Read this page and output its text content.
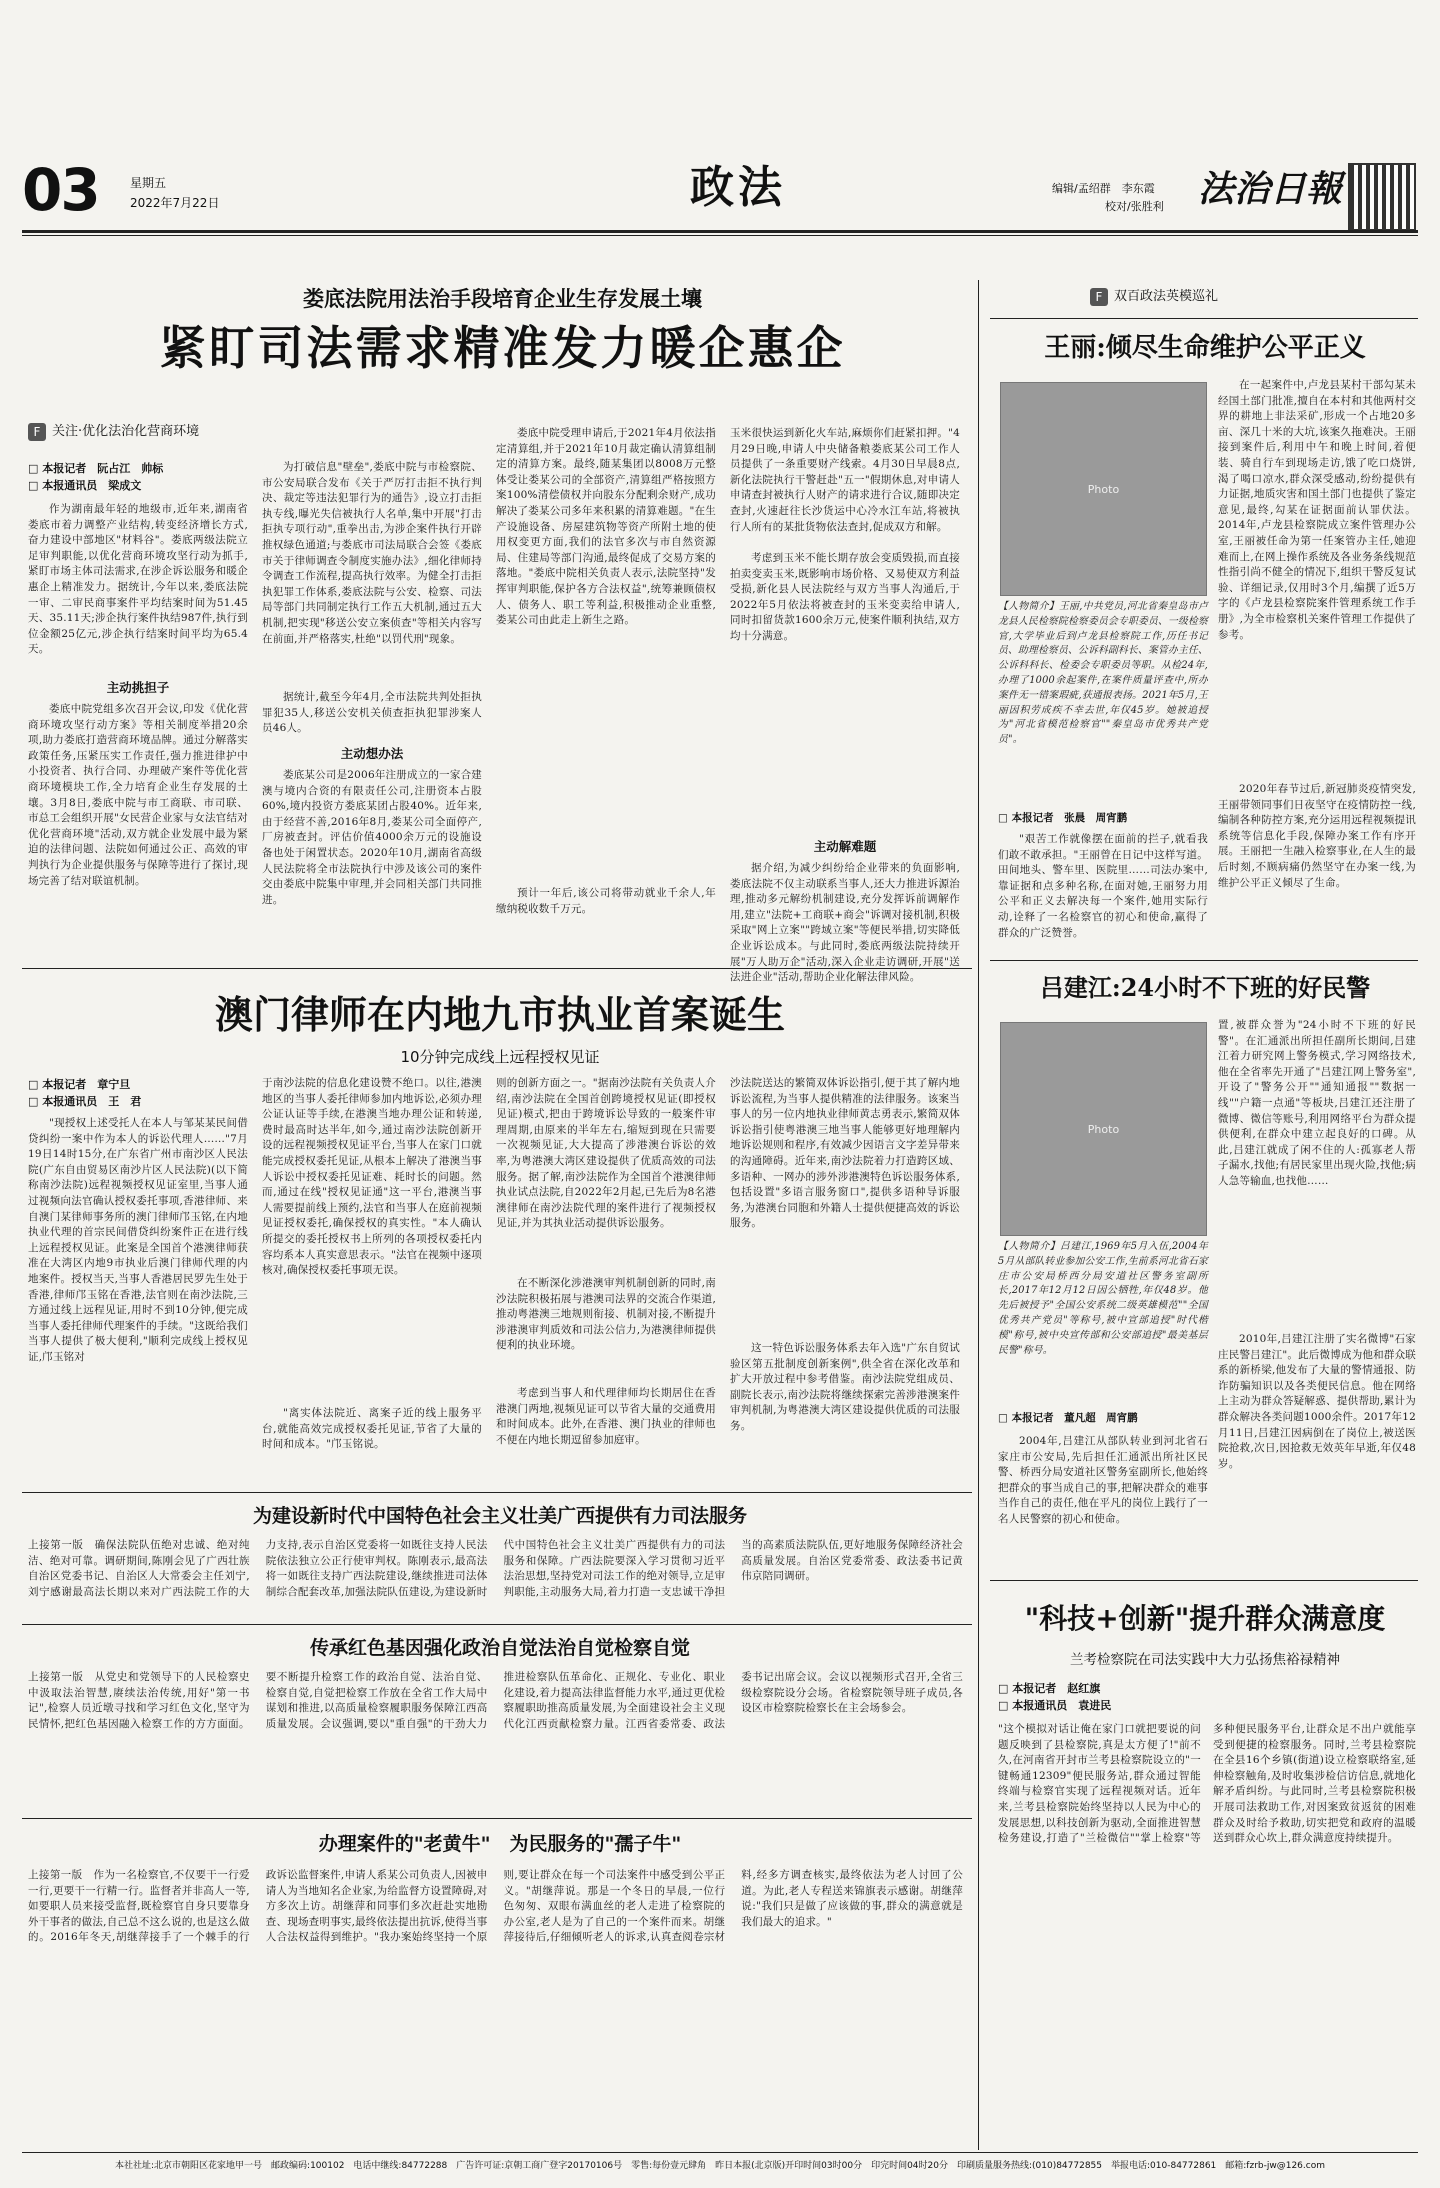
03	星期五
2022年7月22日	政法	编辑/孟绍群　李东霞
校对/张胜利 法治日報
娄底法院用法治手段培育企业生存发展土壤
紧盯司法需求精准发力暖企惠企
F 关注·优化法治化营商环境
□ 本报记者　阮占江　帅标
□ 本报通讯员　梁成文
作为湖南最年轻的地级市,近年来,湖南省娄底市着力调整产业结构,转变经济增长方式,奋力建设中部地区"材料谷"。娄底两级法院立足审判职能,以优化营商环境攻坚行动为抓手,紧盯市场主体司法需求,在涉企诉讼服务和暖企惠企上精准发力。据统计,今年以来,娄底法院一审、二审民商事案件平均结案时间为51.45天、35.11天;涉企执行案件执结987件,执行到位金额25亿元,涉企执行结案时间平均为65.4天。
主动挑担子
娄底中院党组多次召开会议,印发《优化营商环境攻坚行动方案》等相关制度举措20余项,助力娄底打造营商环境品牌。通过分解落实政策任务,压紧压实工作责任,强力推进律护中小投资者、执行合同、办理破产案件等优化营商环境模块工作,全力培育企业生存发展的土壤。3月8日,娄底中院与市工商联、市司联、市总工会组织开展"女民营企业家与女法官结对优化营商环境"活动,双方就企业发展中最为紧迫的法律问题、法院如何通过公正、高效的审判执行为企业提供服务与保障等进行了探讨,现场完善了结对联谊机制。
为打破信息"壁垒",娄底中院与市检察院、市公安局联合发布《关于严厉打击拒不执行判决、裁定等违法犯罪行为的通告》,设立打击拒执专线,曝光失信被执行人名单,集中开展"打击拒执专项行动",重拳出击,为涉企案件执行开辟推权绿色通道;与娄底市司法局联合会签《娄底市关于律师调查令制度实施办法》,细化律师持令调查工作流程,提高执行效率。为健全打击拒执犯罪工作体系,娄底法院与公安、检察、司法局等部门共同制定执行工作五大机制,通过五大机制,把实现"移送公安立案侦查"等相关内容写在前面,并严格落实,杜绝"以罚代刑"现象。
据统计,截至今年4月,全市法院共判处拒执罪犯35人,移送公安机关侦查拒执犯罪涉案人员46人。
主动想办法
娄底某公司是2006年注册成立的一家合建澳与境内合资的有限责任公司,注册资本占股60%,境内投资方娄底某团占股40%。近年来,由于经营不善,2016年8月,娄某公司全面停产,厂房被查封。评估价值4000余万元的设施设备也处于闲置状态。2020年10月,湖南省高级人民法院将全市法院执行中涉及该公司的案件交由娄底中院集中审理,并会同相关部门共同推进。
娄底中院受理申请后,于2021年4月依法指定清算组,并于2021年10月裁定确认清算组制定的清算方案。最终,随某集团以8008万元整体受让娄某公司的全部资产,清算组严格按照方案100%清偿债权并向股东分配剩余财产,成功解决了娄某公司多年来积累的清算难题。"在生产设施设备、房屋建筑物等资产所附土地的使用权变更方面,我们的法官多次与市自然资源局、住建局等部门沟通,最终促成了交易方案的落地。"娄底中院相关负责人表示,法院坚持"发挥审判职能,保护各方合法权益",统筹兼顾债权人、债务人、职工等利益,积极推动企业重整,娄某公司由此走上新生之路。
预计一年后,该公司将带动就业千余人,年缴纳税收数千万元。
玉米很快运到新化火车站,麻烦你们赶紧扣押。"4月29日晚,申请人中央储备粮娄底某公司工作人员提供了一条重要财产线索。4月30日早晨8点,新化法院执行干警赶赴"五一"假期休息,对申请人申请查封被执行人财产的请求进行合议,随即决定查封,火速赶往长沙货运中心冷水江车站,将被执行人所有的某批货物依法查封,促成双方和解。
考虑到玉米不能长期存放会变质毁损,而直接拍卖变卖玉米,既影响市场价格、又易使双方利益受损,新化县人民法院经与双方当事人沟通后,于2022年5月依法将被查封的玉米变卖给申请人,同时扣留货款1600余万元,使案件顺利执结,双方均十分满意。
主动解难题
据介绍,为减少纠纷给企业带来的负面影响,娄底法院不仅主动联系当事人,还大力推进诉源治理,推动多元解纷机制建设,充分发挥诉前调解作用,建立"法院+工商联+商会"诉调对接机制,积极采取"网上立案""跨域立案"等便民举措,切实降低企业诉讼成本。与此同时,娄底两级法院持续开展"万人助万企"活动,深入企业走访调研,开展"送法进企业"活动,帮助企业化解法律风险。
澳门律师在内地九市执业首案诞生
10分钟完成线上远程授权见证
□ 本报记者　章宁旦
□ 本报通讯员　王　君
"现授权上述受托人在本人与邹某某民间借贷纠纷一案中作为本人的诉讼代理人……"7月19日14时15分,在广东省广州市南沙区人民法院(广东自由贸易区南沙片区人民法院)(以下简称南沙法院)远程视频授权见证室里,当事人通过视频向法官确认授权委托事项,香港律师、来自澳门某律师事务所的澳门律师邝玉铭,在内地执业代理的首宗民间借贷纠纷案件正在进行线上远程授权见证。此案是全国首个港澳律师获准在大湾区内地9市执业后澳门律师代理的内地案件。授权当天,当事人香港居民罗先生处于香港,律师邝玉铭在香港,法官则在南沙法院,三方通过线上远程见证,用时不到10分钟,便完成当事人委托律师代理案件的手续。"这既给我们当事人提供了极大便利,"顺利完成线上授权见证,邝玉铭对
于南沙法院的信息化建设赞不绝口。以往,港澳地区的当事人委托律师参加内地诉讼,必须办理公证认证等手续,在港澳当地办理公证和转递,费时最高时达半年,如今,通过南沙法院创新开设的远程视频授权见证平台,当事人在家门口就能完成授权委托见证,从根本上解决了港澳当事人诉讼中授权委托见证难、耗时长的问题。然而,通过在线"授权见证通"这一平台,港澳当事人需要提前线上预约,法官和当事人在庭前视频见证授权委托,确保授权的真实性。"本人确认所提交的委托授权书上所列的各项授权委托内容均系本人真实意思表示。"法官在视频中逐项核对,确保授权委托事项无误。
"离实体法院近、离案子近的线上服务平台,就能高效完成授权委托见证,节省了大量的时间和成本。"邝玉铭说。
则的创新方面之一。"据南沙法院有关负责人介绍,南沙法院在全国首创跨境授权见证(即授权见证)模式,把由于跨境诉讼导致的一般案件审理周期,由原来的半年左右,缩短到现在只需要一次视频见证,大大提高了涉港澳台诉讼的效率,为粤港澳大湾区建设提供了优质高效的司法服务。据了解,南沙法院作为全国首个港澳律师执业试点法院,自2022年2月起,已先后为8名港澳律师在南沙法院代理的案件进行了视频授权见证,并为其执业活动提供诉讼服务。
在不断深化涉港澳审判机制创新的同时,南沙法院积极拓展与港澳司法界的交流合作渠道,推动粤港澳三地规则衔接、机制对接,不断提升涉港澳审判质效和司法公信力,为港澳律师提供便利的执业环境。
考虑到当事人和代理律师均长期居住在香港澳门两地,视频见证可以节省大量的交通费用和时间成本。此外,在香港、澳门执业的律师也不便在内地长期逗留参加庭审。
沙法院送达的繁简双体诉讼指引,便于其了解内地诉讼流程,为当事人提供精准的法律服务。该案当事人的另一位内地执业律师黄志勇表示,繁简双体诉讼指引使粤港澳三地当事人能够更好地理解内地诉讼规则和程序,有效减少因语言文字差异带来的沟通障碍。近年来,南沙法院着力打造跨区域、多语种、一网办的涉外涉港澳特色诉讼服务体系,包括设置"多语言服务窗口",提供多语种导诉服务,为港澳台同胞和外籍人士提供便捷高效的诉讼服务。
这一特色诉讼服务体系去年入选"广东自贸试验区第五批制度创新案例",供全省在深化改革和扩大开放过程中参考借鉴。南沙法院党组成员、副院长表示,南沙法院将继续探索完善涉港澳案件审判机制,为粤港澳大湾区建设提供优质的司法服务。
为建设新时代中国特色社会主义壮美广西提供有力司法服务
上接第一版　确保法院队伍绝对忠诚、绝对纯洁、绝对可靠。调研期间,陈刚会见了广西壮族自治区党委书记、自治区人大常委会主任刘宁,刘宁感谢最高法长期以来对广西法院工作的大力支持,表示自治区党委将一如既往支持人民法院依法独立公正行使审判权。陈刚表示,最高法将一如既往支持广西法院建设,继续推进司法体制综合配套改革,加强法院队伍建设,为建设新时代中国特色社会主义壮美广西提供有力的司法服务和保障。广西法院要深入学习贯彻习近平法治思想,坚持党对司法工作的绝对领导,立足审判职能,主动服务大局,着力打造一支忠诚干净担当的高素质法院队伍,更好地服务保障经济社会高质量发展。自治区党委常委、政法委书记黄伟京陪同调研。
传承红色基因强化政治自觉法治自觉检察自觉
上接第一版　从党史和党领导下的人民检察史中汲取法治智慧,赓续法治传统,用好"第一书记",检察人员近墩寻找和学习红色文化,坚守为民情怀,把红色基因融入检察工作的方方面面。要不断提升检察工作的政治自觉、法治自觉、检察自觉,自觉把检察工作放在全省工作大局中谋划和推进,以高质量检察履职服务保障江西高质量发展。会议强调,要以"重自强"的干劲大力推进检察队伍革命化、正规化、专业化、职业化建设,着力提高法律监督能力水平,通过更优检察履职助推高质量发展,为全面建设社会主义现代化江西贡献检察力量。江西省委常委、政法委书记出席会议。会议以视频形式召开,全省三级检察院设分会场。省检察院领导班子成员,各设区市检察院检察长在主会场参会。
办理案件的"老黄牛"　为民服务的"孺子牛"
上接第一版　作为一名检察官,不仅要干一行爱一行,更要干一行精一行。监督者并非高人一等,如要职人员来接受监督,既检察官自身只要靠身外干事者的做法,自己总不这么说的,也是这么做的。2016年冬天,胡继萍接手了一个棘手的行政诉讼监督案件,申请人系某公司负责人,因被申请人为当地知名企业家,为给监督方设置障碍,对方多次上访。胡继萍和同事们多次赶赴实地勘查、现场查明事实,最终依法提出抗诉,使得当事人合法权益得到维护。"我办案始终坚持一个原则,要让群众在每一个司法案件中感受到公平正义。"胡继萍说。那是一个冬日的早晨,一位行色匆匆、双眼布满血丝的老人走进了检察院的办公室,老人是为了自己的一个案件而来。胡继萍接待后,仔细倾听老人的诉求,认真查阅卷宗材料,经多方调查核实,最终依法为老人讨回了公道。为此,老人专程送来锦旗表示感谢。胡继萍说:"我们只是做了应该做的事,群众的满意就是我们最大的追求。"
F 双百政法英模巡礼
王丽:倾尽生命维护公平正义
Photo
【人物简介】王丽,中共党员,河北省秦皇岛市卢龙县人民检察院检察委员会专职委员、一级检察官,大学毕业后到卢龙县检察院工作,历任书记员、助理检察员、公诉科副科长、案管办主任、公诉科科长、检委会专职委员等职。从检24年,办理了1000余起案件,在案件质量评查中,所办案件无一错案瑕疵,获通报表扬。2021年5月,王丽因积劳成疾不幸去世,年仅45岁。她被追授为"河北省模范检察官""秦皇岛市优秀共产党员"。
□ 本报记者　张晨　周宵鹏
"艰苦工作就像摆在面前的拦子,就看我们敢不敢承担。"王丽曾在日记中这样写道。田间地头、警车里、医院里……司法办案中,靠证据和点多种名称,在面对她,王丽努力用公平和正义去解决每一个案件,她用实际行动,诠释了一名检察官的初心和使命,赢得了群众的广泛赞誉。
在一起案件中,卢龙县某村干部勾某未经国土部门批准,擅自在本村和其他两村交界的耕地上非法采矿,形成一个占地20多亩、深几十米的大坑,该案久拖难决。王丽接到案件后,利用中午和晚上时间,着便装、骑自行车到现场走访,饿了吃口烧饼,渴了喝口凉水,群众深受感动,纷纷提供有力证据,地质灾害和国土部门也提供了鉴定意见,最终,勾某在证据面前认罪伏法。2014年,卢龙县检察院成立案件管理办公室,王丽被任命为第一任案管办主任,她迎难而上,在网上操作系统及各业务条线规范性指引尚不健全的情况下,组织干警反复试验、详细记录,仅用时3个月,编撰了近5万字的《卢龙县检察院案件管理系统工作手册》,为全市检察机关案件管理工作提供了参考。
2020年春节过后,新冠肺炎疫情突发,王丽带领同事们日夜坚守在疫情防控一线,编制各种防控方案,充分运用远程视频提讯系统等信息化手段,保障办案工作有序开展。王丽把一生融入检察事业,在人生的最后时刻,不顾病痛仍然坚守在办案一线,为维护公平正义倾尽了生命。
吕建江:24小时不下班的好民警
Photo
【人物简介】吕建江,1969年5月入伍,2004年5月从部队转业参加公安工作,生前系河北省石家庄市公安局桥西分局安道社区警务室副所长,2017年12月12日因公牺牲,年仅48岁。他先后被授予"全国公安系统二级英雄模范""全国优秀共产党员"等称号,被中宣部追授"时代楷模"称号,被中央宣传部和公安部追授"最美基层民警"称号。
□ 本报记者　董凡超　周宵鹏
2004年,吕建江从部队转业到河北省石家庄市公安局,先后担任汇通派出所社区民警、桥西分局安道社区警务室副所长,他始终把群众的事当成自己的事,把解决群众的难事当作自己的责任,他在平凡的岗位上践行了一名人民警察的初心和使命。
置,被群众誉为"24小时不下班的好民警"。在汇通派出所担任副所长期间,吕建江着力研究网上警务模式,学习网络技术,他在全省率先开通了"吕建江网上警务室",开设了"警务公开""通知通报""数据一线""户籍一点通"等板块,吕建江还注册了微博、微信等账号,利用网络平台为群众提供便利,在群众中建立起良好的口碑。从此,吕建江就成了闲不住的人:孤寡老人帮子漏水,找他;有居民家里出现火险,找他;病人急等输血,也找他……
2010年,吕建江注册了实名微博"石家庄民警吕建江"。此后微博成为他和群众联系的新桥梁,他发布了大量的警情通报、防诈防骗知识以及各类便民信息。他在网络上主动为群众答疑解惑、提供帮助,累计为群众解决各类问题1000余件。2017年12月11日,吕建江因病倒在了岗位上,被送医院抢救,次日,因抢救无效英年早逝,年仅48岁。
"科技+创新"提升群众满意度
兰考检察院在司法实践中大力弘扬焦裕禄精神
□ 本报记者　赵红旗
□ 本报通讯员　袁进民
"这个模拟对话让俺在家门口就把要说的问题反映到了县检察院,真是太方便了!"前不久,在河南省开封市兰考县检察院设立的"一键畅通12309"便民服务站,群众通过智能终端与检察官实现了远程视频对话。近年来,兰考县检察院始终坚持以人民为中心的发展思想,以科技创新为驱动,全面推进智慧检务建设,打造了"兰检微信""掌上检察"等多种便民服务平台,让群众足不出户就能享受到便捷的检察服务。同时,兰考县检察院在全县16个乡镇(街道)设立检察联络室,延伸检察触角,及时收集涉检信访信息,就地化解矛盾纠纷。与此同时,兰考县检察院积极开展司法救助工作,对因案致贫返贫的困难群众及时给予救助,切实把党和政府的温暖送到群众心坎上,群众满意度持续提升。
本社社址:北京市朝阳区花家地甲一号　邮政编码:100102　电话中继线:84772288　广告许可证:京朝工商广登字20170106号　零售:每份壹元肆角　昨日本报(北京版)开印时间03时00分　印完时间04时20分　印刷质量服务热线:(010)84772855　举报电话:010-84772861　邮箱:fzrb-jw@126.com
